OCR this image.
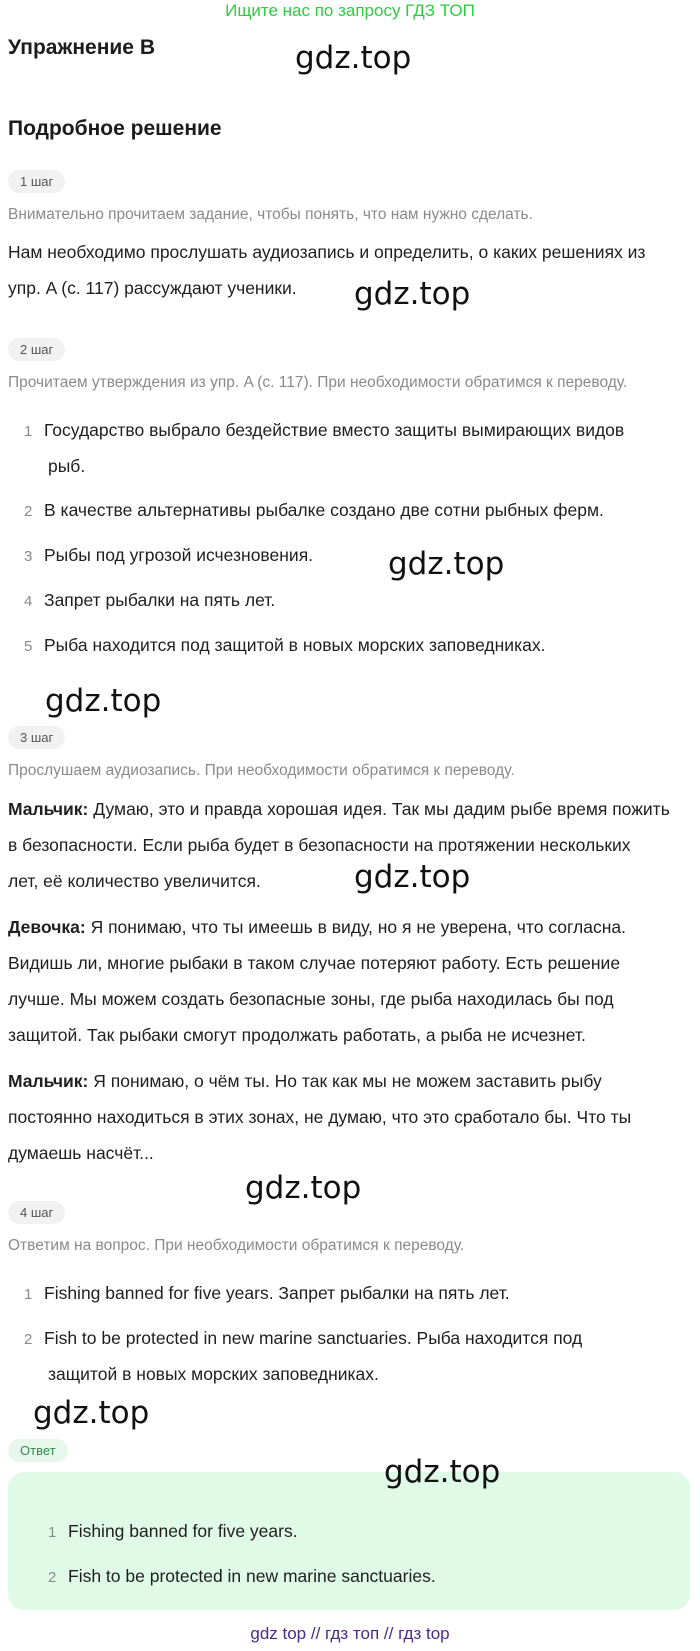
Ищите нас по запросу ГДЗ ТОП
Упражнение B	gdz.top
Подробное решение
1 шаг
Внимательно прочитаем задание, чтобы понять, что нам нужно сделать.
Нам необходимо прослушать аудиозапись и определить, о каких решениях из
упр. A (с. 117) рассуждают ученики. gdz.top
2 шаг
Прочитаем утверждения из упр. A (с. 117). При необходимости обратимся к переводу.
1 Государство выбрало бездействие вместо защиты вымирающих видов
рыб.
2 В качестве альтернативы рыбалке создано две сотни рыбных ферм.
3 Рыбы под угрозой исчезновения. gdz.top
4 Запрет рыбалки на пять лет.
5 Рыба находится под защитой в новых морских заповедниках.
gdz.top
3 шаг
Прослушаем аудиозапись. При необходимости обратимся к переводу.
Мальчик: Думаю, это и правда хорошая идея. Так мы дадим рыбе время пожить
в безопасности. Если рыба будет в безопасности на протяжении нескольких
лет, её количество увеличится.	gdz.top
Девочка: Я понимаю, что ты имеешь в виду, но я не уверена, что согласна.
Видишь ли, многие рыбаки в таком случае потеряют работу. Есть решение
лучше. Мы можем создать безопасные зоны, где рыба находилась бы под
защитой. Так рыбаки смогут продолжать работать, а рыба не исчезнет.
Мальчик: Я понимаю, о чём ты. Но так как мы не можем заставить рыбу
постоянно находиться в этих зонах, не думаю, что это сработало бы. Что ты
думаешь насчёт...
gdz.top
4 шаг
Ответим на вопрос. При необходимости обратимся к переводу.
1 Fishing banned for five years. Запрет рыбалки на пять лет.
2 Fish to be protected in new marine sanctuaries. Рыба находится под
защитой в новых морских заповедниках.
gdz.top
Ответ
gdz.top
1 Fishing banned for five years.
2 Fish to be protected in new marine sanctuaries.
gdz top // гдз топ // гдз top
